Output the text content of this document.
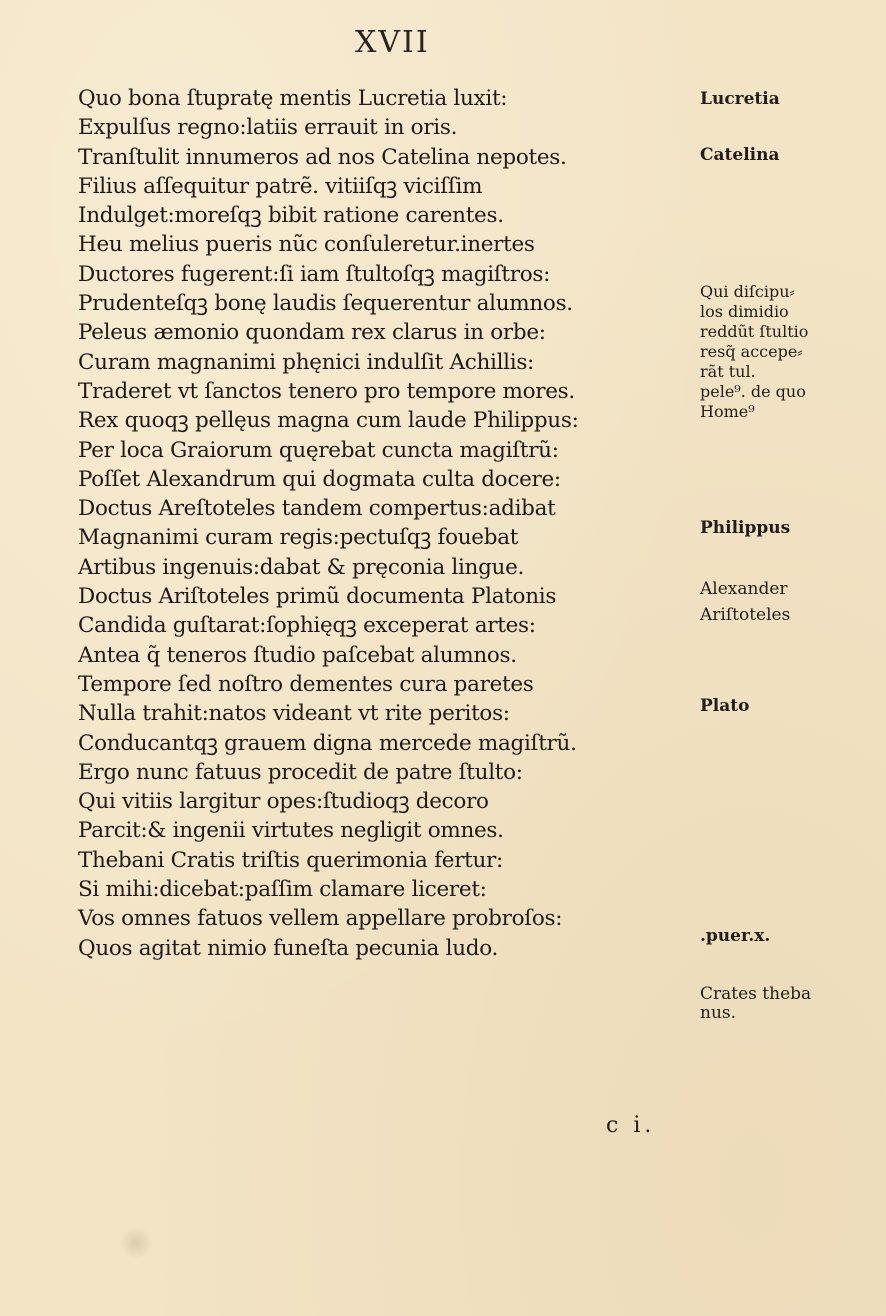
XVII
Quo bona ſtupratę mentis Lucretia luxit:
Expulſus regno:latiis errauit in oris.
Tranſtulit innumeros ad nos Catelina nepotes.
Filius aſſequitur patrẽ. vitiiſqꝫ viciſſim
Indulget:moreſqꝫ bibit ratione carentes.
Heu melius pueris nũc conſuleretur.inertes
Ductores fugerent:ſi iam ſtultoſqꝫ magiſtros:
Prudenteſqꝫ bonę laudis ſequerentur alumnos.
Peleus æmonio quondam rex clarus in orbe:
Curam magnanimi phęnici indulſit Achillis:
Traderet vt ſanctos tenero pro tempore mores.
Rex quoqꝫ pellęus magna cum laude Philippus:
Per loca Graiorum quęrebat cuncta magiſtrũ:
Poſſet Alexandrum qui dogmata culta docere:
Doctus Areſtoteles tandem compertus:adibat
Magnanimi curam regis:pectuſqꝫ fouebat
Artibus ingenuis:dabat & pręconia lingue.
Doctus Ariſtoteles primũ documenta Platonis
Candida guſtarat:ſophięqꝫ exceperat artes:
Antea q̃ teneros ſtudio paſcebat alumnos.
Tempore ſed noſtro dementes cura paretes
Nulla trahit:natos videant vt rite peritos:
Conducantqꝫ grauem digna mercede magiſtrũ.
Ergo nunc fatuus procedit de patre ſtulto:
Qui vitiis largitur opes:ſtudioqꝫ decoro
Parcit:& ingenii virtutes negligit omnes.
Thebani Cratis triſtis querimonia fertur:
Si mihi:dicebat:paſſim clamare liceret:
Vos omnes fatuos vellem appellare probroſos:
Quos agitat nimio funeſta pecunia ludo.
Lucretia
Catelina
Qui diſcipu⸗
los dimidio
reddũt ſtultio
resq̃ accepe⸗
rãt tul.
pele⁹. de quo
Home⁹
Philippus
Alexander
Ariſtoteles
Plato
.puer.x.
Crates theba
nus.
c i.
